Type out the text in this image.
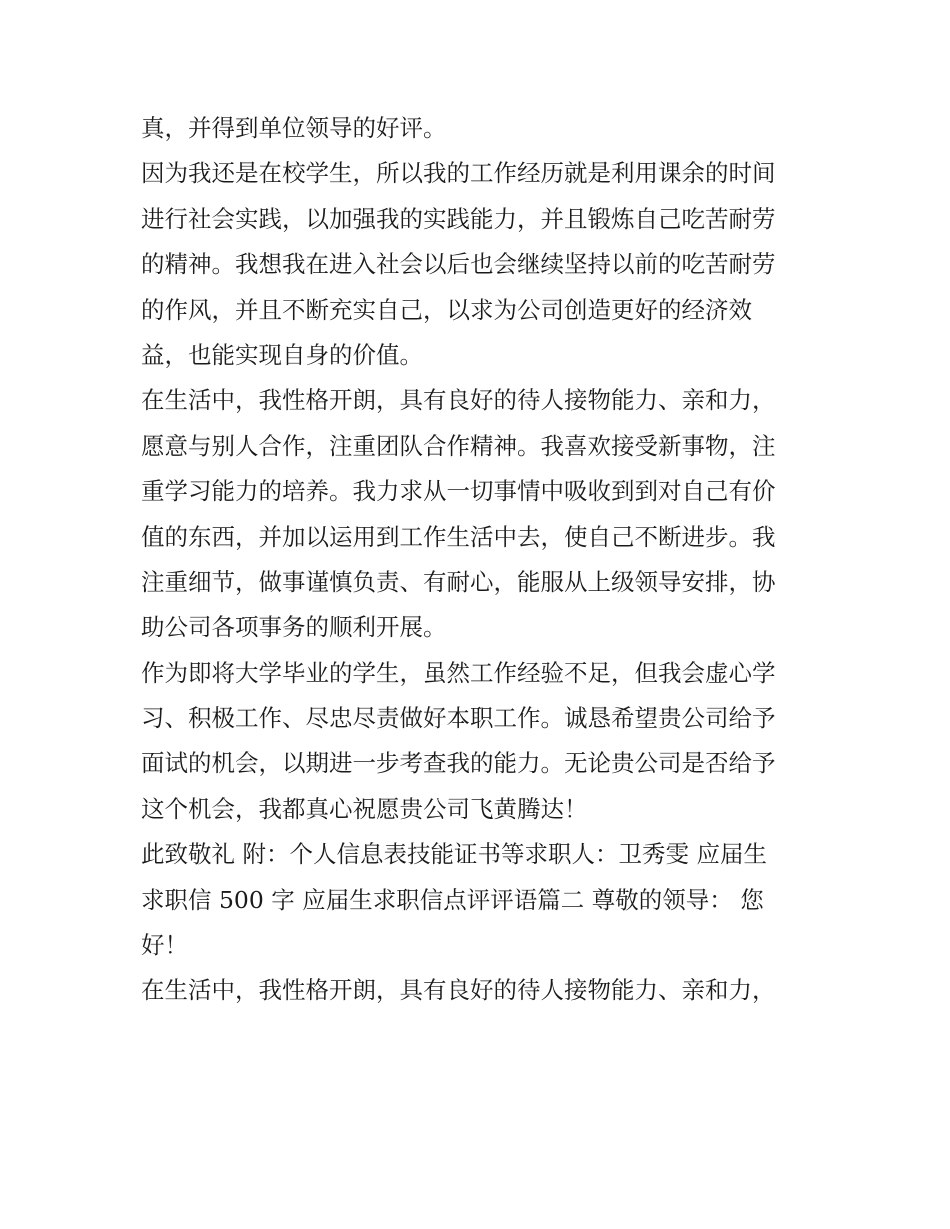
真，并得到单位领导的好评。
因为我还是在校学生，所以我的工作经历就是利用课余的时间
进行社会实践，以加强我的实践能力，并且锻炼自己吃苦耐劳
的精神。我想我在进入社会以后也会继续坚持以前的吃苦耐劳
的作风，并且不断充实自己，以求为公司创造更好的经济效
益，也能实现自身的价值。
在生活中，我性格开朗，具有良好的待人接物能力、亲和力，
愿意与别人合作，注重团队合作精神。我喜欢接受新事物，注
重学习能力的培养。我力求从一切事情中吸收到到对自己有价
值的东西，并加以运用到工作生活中去，使自己不断进步。我
注重细节，做事谨慎负责、有耐心，能服从上级领导安排，协
助公司各项事务的顺利开展。
作为即将大学毕业的学生，虽然工作经验不足，但我会虚心学
习、积极工作、尽忠尽责做好本职工作。诚恳希望贵公司给予
面试的机会，以期进一步考查我的能力。无论贵公司是否给予
这个机会，我都真心祝愿贵公司飞黄腾达！
此致敬礼 附：个人信息表技能证书等求职人：卫秀雯 应届生
求职信 500 字 应届生求职信点评评语篇二 尊敬的领导： 您
好！
在生活中，我性格开朗，具有良好的待人接物能力、亲和力，
